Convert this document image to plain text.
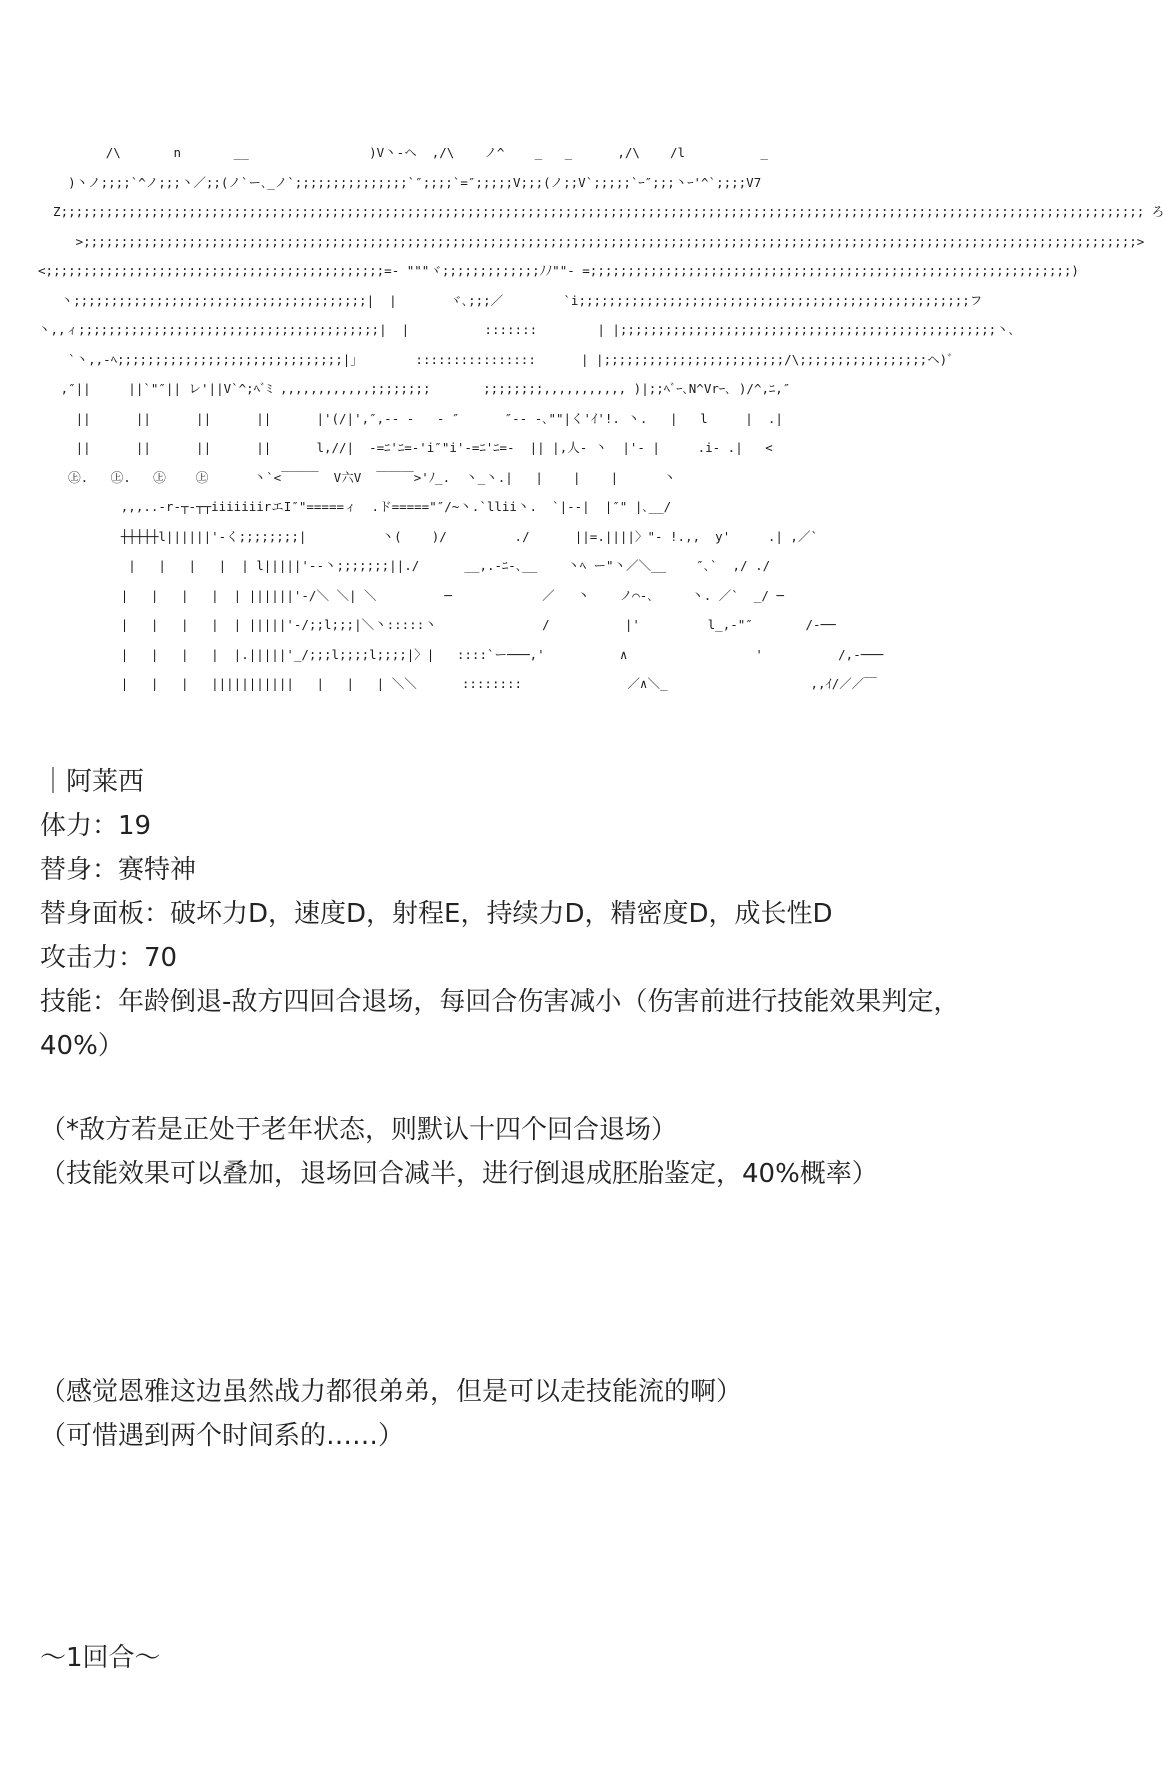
/\       n       __                )V丶-ヘ  ,/\    ノ^    _   _      ,/\    /l          _
)丶ノ;;;;`^ノ;;;丶／;;(ノ`ー､_ノ`;;;;;;;;;;;;;;;`″;;;;`=″;;;;;V;;;(ノ;;V`;;;;;`ｰ″;;;丶ｰ'^`;;;;V7
Z;;;;;;;;;;;;;;;;;;;;;;;;;;;;;;;;;;;;;;;;;;;;;;;;;;;;;;;;;;;;;;;;;;;;;;;;;;;;;;;;;;;;;;;;;;;;;;;;;;;;;;;;;;;;;;;;;;;;;;;;;;;;;;;;;;;;;;;;;;;;;;;; ろ
>;;;;;;;;;;;;;;;;;;;;;;;;;;;;;;;;;;;;;;;;;;;;;;;;;;;;;;;;;;;;;;;;;;;;;;;;;;;;;;;;;;;;;;;;;;;;;;;;;;;;;;;;;;;;;;;;;;;;;;;;;;;;;;;;;;;;;;;;;;;;>
<;;;;;;;;;;;;;;;;;;;;;;;;;;;;;;;;;;;;;;;;;;;;;=- """ヾ;;;;;;;;;;;;;ﾉﾉ""- =;;;;;;;;;;;;;;;;;;;;;;;;;;;;;;;;;;;;;;;;;;;;;;;;;;;;;;;;;;;;;;;;)
丶;;;;;;;;;;;;;;;;;;;;;;;;;;;;;;;;;;;;;;;|  |       ヾ､;;;／        `i;;;;;;;;;;;;;;;;;;;;;;;;;;;;;;;;;;;;;;;;;;;;;;;;;;;;フ
丶,,ィ;;;;;;;;;;;;;;;;;;;;;;;;;;;;;;;;;;;;;;;;|  |          :::::::        | |;;;;;;;;;;;;;;;;;;;;;;;;;;;;;;;;;;;;;;;;;;;;;;;;;;丶､
`丶,,-ﾍ;;;;;;;;;;;;;;;;;;;;;;;;;;;;;;|」       ::::::::::::::::      | |;;;;;;;;;;;;;;;;;;;;;;;;/\;;;;;;;;;;;;;;;;;ヘ)ﾞ
,″||     ||`"″|| レ'||V`^;ﾍﾞﾐ ,,,,,,,,,,,,;;;;;;;;       ;;;;;;;;,,,,,,,,,,, )|;;ﾍﾞｰ､N^Vrｰ､ )/^,ﾆ,″
||      ||      ||      ||      |'(/|',″,-- -   ‐ ″      ″-- ‐､""|く'ｲ'!. 丶.   |   l     |  .|
||      ||      ||      ||      l,//|  -=ﾆ'ﾆ=-'i″"i'-=ﾆ'ﾆ=-  || |,人- 丶  |'- |     .i- .|   <
㊤.   ㊤.   ㊤    ㊤      丶`<￣￣￣  V六V  ￣￣￣>'ﾉ_.  丶_丶.|   |    |    |      丶
,,,..-r-┬-┬┬iiiiiiirエI″"=====ィ  .ド====="″/~丶.`llii丶.  `|--|  |″" |､__/
┼┼┼┼┼l||||||'-く;;;;;;;;|          丶(    )/         ./      ||=.||||〉"- !.,,  y'     .| ,／`
|   |   |   |  | l|||||'--丶;;;;;;;||./      __,.-ﾆ-､__    丶ﾍ ー"丶／＼__    ″､`  ,/ ./
|   |   |   |  | ||||||'-/＼ ＼| ＼         ─            ／   丶    ノ⌒-､     丶. ／`  _/ ─
|   |   |   |  | |||||'-/;;l;;;|＼丶:::::丶              /          |'         l_,-"″       /-──
|   |   |   |  |.|||||'_/;;;l;;;;l;;;;|〉|   ::::`ー───,'          ∧                 '          /,-───
|   |   |   |||||||||||   |   |   | ＼＼      ::::::::              ／∧＼_                   ,,ｲ/／／￣
｜阿莱西
体力：19
替身：赛特神
替身面板：破坏力D，速度D，射程E，持续力D，精密度D，成长性D
攻击力：70
技能：年龄倒退-敌方四回合退场，每回合伤害减小（伤害前进行技能效果判定，40%）
（*敌方若是正处于老年状态，则默认十四个回合退场）
（技能效果可以叠加，退场回合减半，进行倒退成胚胎鉴定，40%概率）
（感觉恩雅这边虽然战力都很弟弟，但是可以走技能流的啊）
（可惜遇到两个时间系的……）
～1回合～
